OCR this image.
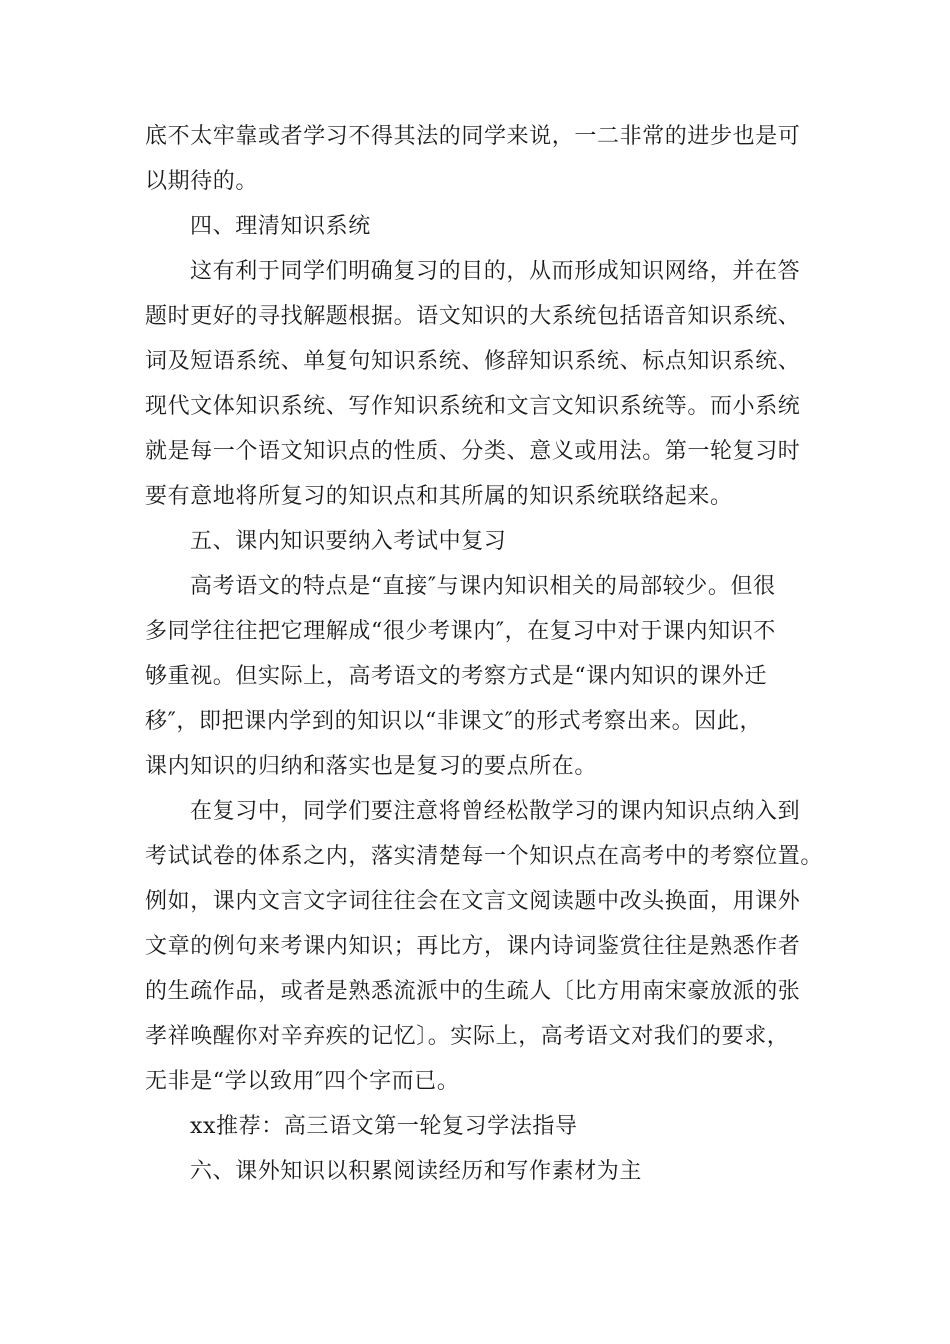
底不太牢靠或者学习不得其法的同学来说，一二非常的进步也是可
以期待的。
四、理清知识系统
这有利于同学们明确复习的目的，从而形成知识网络，并在答
题时更好的寻找解题根据。语文知识的大系统包括语音知识系统、
词及短语系统、单复句知识系统、修辞知识系统、标点知识系统、
现代文体知识系统、写作知识系统和文言文知识系统等。而小系统
就是每一个语文知识点的性质、分类、意义或用法。第一轮复习时
要有意地将所复习的知识点和其所属的知识系统联络起来。
五、课内知识要纳入考试中复习
高考语文的特点是“直接″与课内知识相关的局部较少。但很
多同学往往把它理解成“很少考课内″，在复习中对于课内知识不
够重视。但实际上，高考语文的考察方式是“课内知识的课外迁
移″，即把课内学到的知识以“非课文″的形式考察出来。因此，
课内知识的归纳和落实也是复习的要点所在。
在复习中，同学们要注意将曾经松散学习的课内知识点纳入到
考试试卷的体系之内，落实清楚每一个知识点在高考中的考察位置。
例如，课内文言文字词往往会在文言文阅读题中改头换面，用课外
文章的例句来考课内知识；再比方，课内诗词鉴赏往往是熟悉作者
的生疏作品，或者是熟悉流派中的生疏人〔比方用南宋豪放派的张
孝祥唤醒你对辛弃疾的记忆〕。实际上，高考语文对我们的要求，
无非是“学以致用″四个字而已。
xx推荐：高三语文第一轮复习学法指导
六、课外知识以积累阅读经历和写作素材为主
